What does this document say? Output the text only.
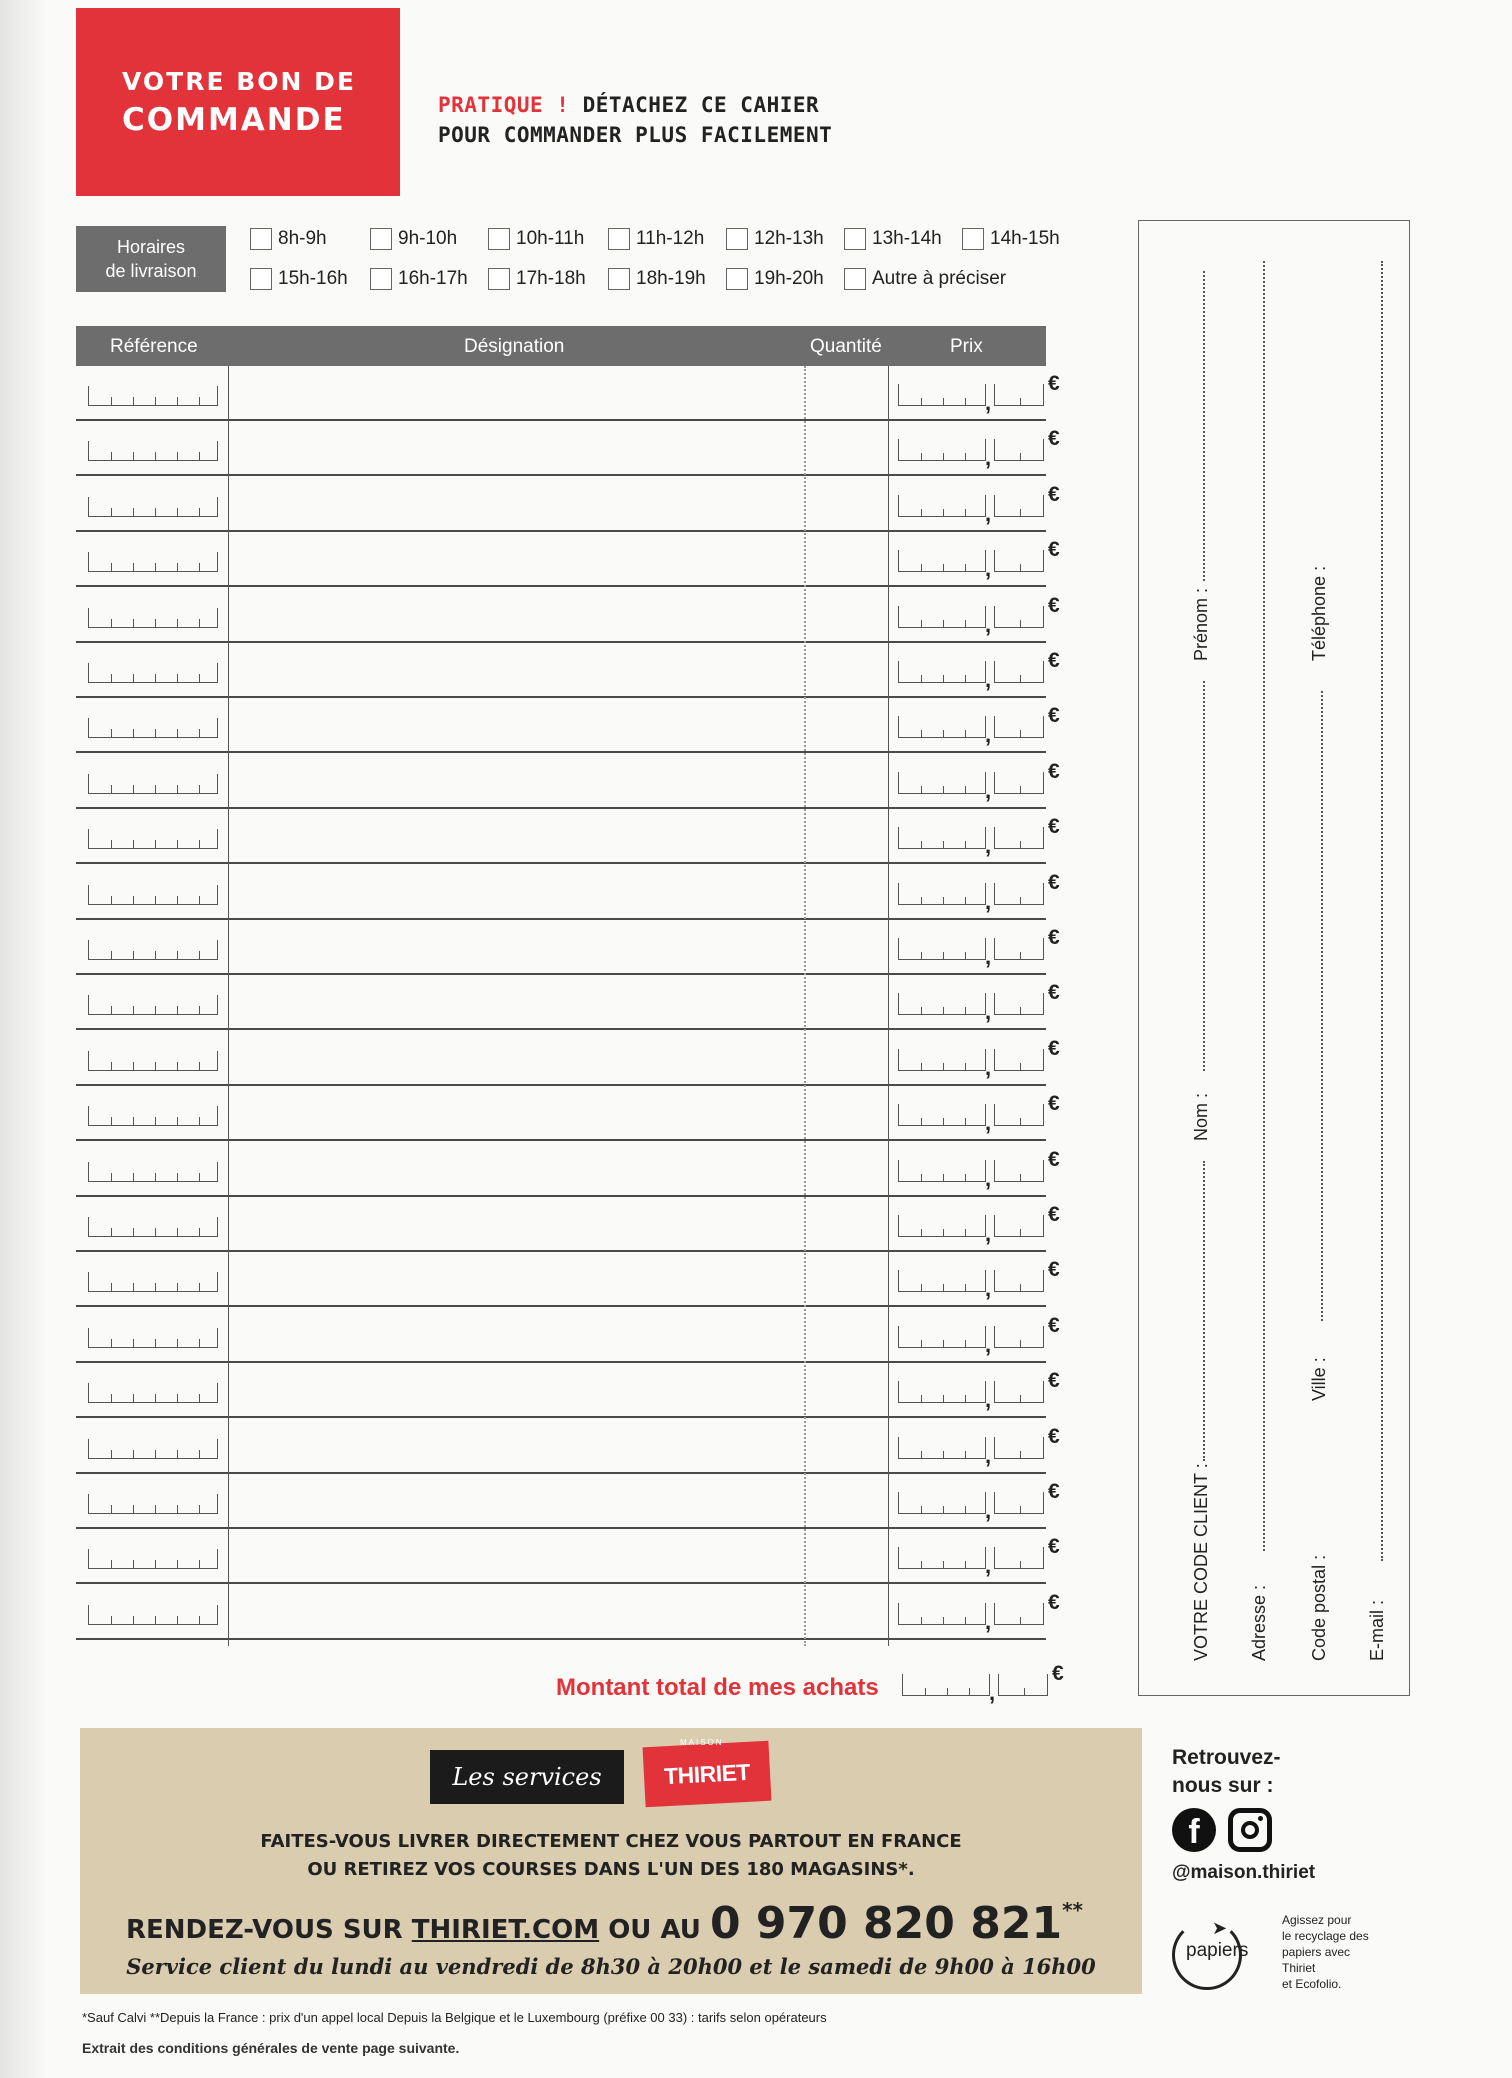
VOTRE BON DE
COMMANDE	PRATIQUE ! DÉTACHEZ CE CAHIER
POUR COMMANDER PLUS FACILEMENT
Horaires
de livraison
8h-9h	9h-10h	10h-11h	11h-12h	12h-13h	13h-14h	14h-15h
15h-16h	16h-17h	17h-18h	18h-19h	19h-20h	Autre à préciser
Référence	Désignation	Quantité	Prix
,
€
,
€
,
€
,
€
,
€
,
€
,
€
,
€
,
€
,
€
,
€
,
€
,
€
,
€
,
€
,
€
,
€
,
€
,
€
,
€
,
€
,
€
,
€
Montant total de mes achats	,
€
VOTRE CODE CLIENT :
Nom :
Prénom :
Adresse : Code postal :
Ville :
Téléphone :
E-mail :
Les services	THIRIET
MAISON
FAITES-VOUS LIVRER DIRECTEMENT CHEZ VOUS PARTOUT EN FRANCE
OU RETIREZ VOS COURSES DANS L'UN DES 180 MAGASINS*.
RENDEZ-VOUS SUR THIRIET.COM OU AU 0 970 820 821**
Service client du lundi au vendredi de 8h30 à 20h00 et le samedi de 9h00 à 16h00
Retrouvez-
nous sur :
f
@maison.thiriet
➤
papiers
Agissez pour
le recyclage des
papiers avec
Thiriet
et Ecofolio.
*Sauf Calvi **Depuis la France : prix d'un appel local Depuis la Belgique et le Luxembourg (préfixe 00 33) : tarifs selon opérateurs
Extrait des conditions générales de vente page suivante.
